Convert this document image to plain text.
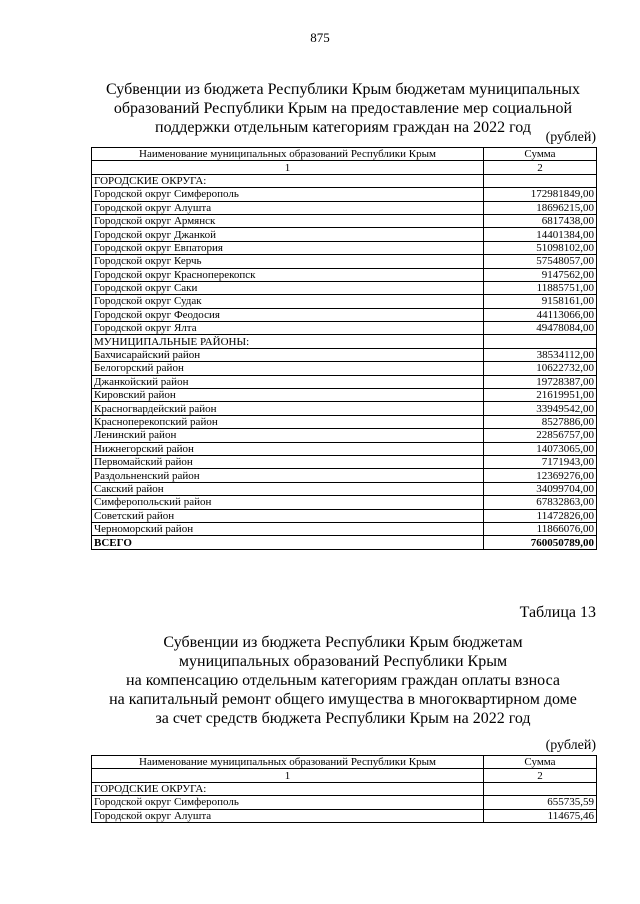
875
Субвенции из бюджета Республики Крым бюджетам муниципальных
образований Республики Крым на предоставление мер социальной
поддержки отдельным категориям граждан на 2022 год
(рублей)
Наименование муниципальных образований Республики Крым	Сумма
1	2
ГОРОДСКИЕ ОКРУГА:	
Городской округ Симферополь	172981849,00
Городской округ Алушта	18696215,00
Городской округ Армянск	6817438,00
Городской округ Джанкой	14401384,00
Городской округ Евпатория	51098102,00
Городской округ Керчь	57548057,00
Городской округ Красноперекопск	9147562,00
Городской округ Саки	11885751,00
Городской округ Судак	9158161,00
Городской округ Феодосия	44113066,00
Городской округ Ялта	49478084,00
МУНИЦИПАЛЬНЫЕ РАЙОНЫ:	
Бахчисарайский район	38534112,00
Белогорский район	10622732,00
Джанкойский район	19728387,00
Кировский район	21619951,00
Красногвардейский район	33949542,00
Красноперекопский район	8527886,00
Ленинский район	22856757,00
Нижнегорский район	14073065,00
Первомайский район	7171943,00
Раздольненский район	12369276,00
Сакский район	34099704,00
Симферопольский район	67832863,00
Советский район	11472826,00
Черноморский район	11866076,00
ВСЕГО	760050789,00
Таблица 13
Субвенции из бюджета Республики Крым бюджетам
муниципальных образований Республики Крым
на компенсацию отдельным категориям граждан оплаты взноса
на капитальный ремонт общего имущества в многоквартирном доме
за счет средств бюджета Республики Крым на 2022 год
(рублей)
Наименование муниципальных образований Республики Крым	Сумма
1	2
ГОРОДСКИЕ ОКРУГА:	
Городской округ Симферополь	655735,59
Городской округ Алушта	114675,46
